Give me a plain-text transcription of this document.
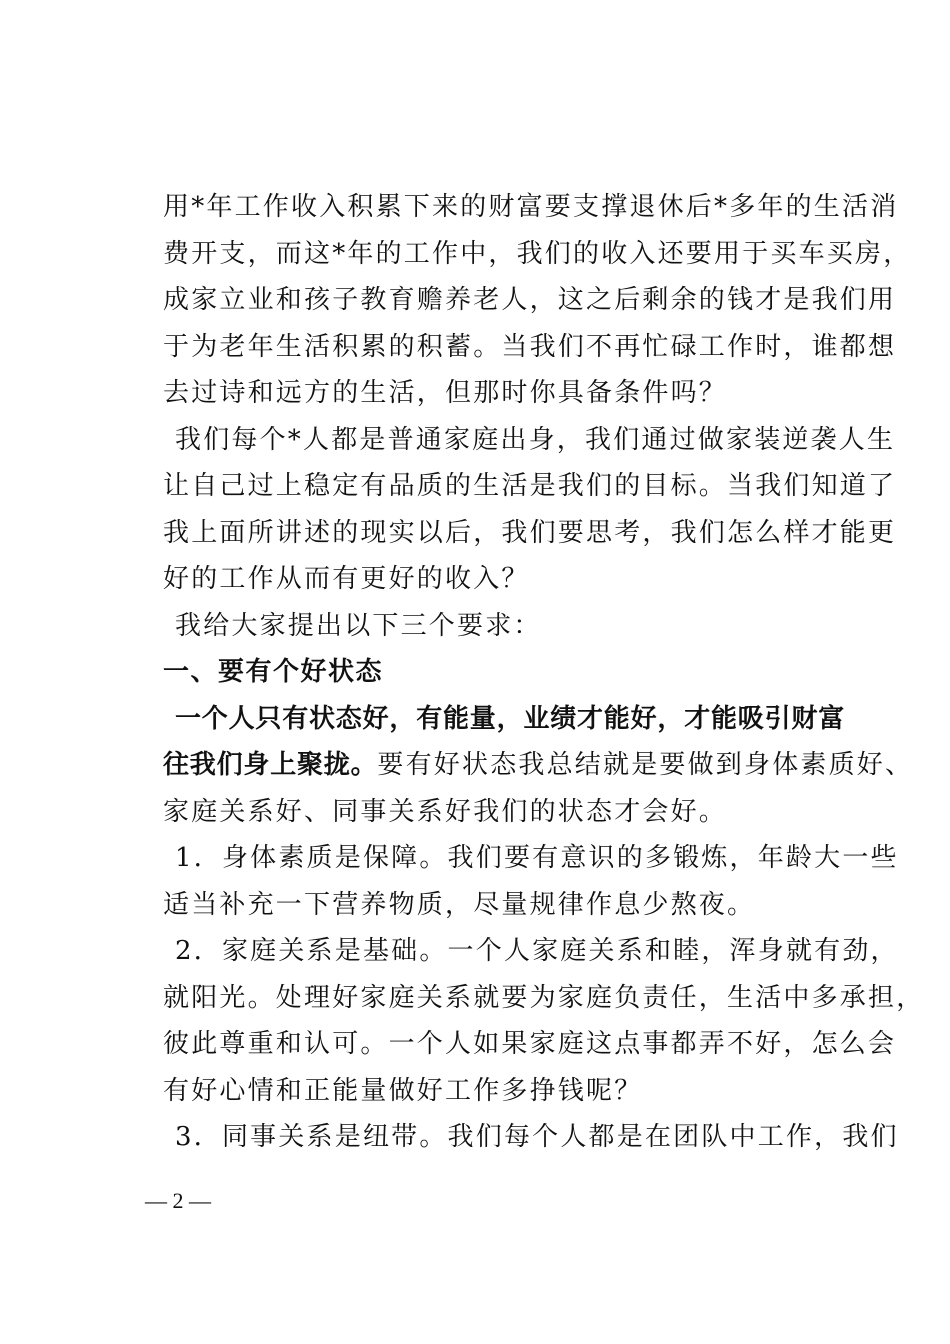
用*年工作收入积累下来的财富要支撑退休后*多年的生活消
费开支，而这*年的工作中，我们的收入还要用于买车买房，
成家立业和孩子教育赡养老人，这之后剩余的钱才是我们用
于为老年生活积累的积蓄。当我们不再忙碌工作时，谁都想
去过诗和远方的生活，但那时你具备条件吗？
我们每个*人都是普通家庭出身，我们通过做家装逆袭人生
让自己过上稳定有品质的生活是我们的目标。当我们知道了
我上面所讲述的现实以后，我们要思考，我们怎么样才能更
好的工作从而有更好的收入？
我给大家提出以下三个要求：
一、要有个好状态
一个人只有状态好，有能量，业绩才能好，才能吸引财富
往我们身上聚拢。要有好状态我总结就是要做到身体素质好、
家庭关系好、同事关系好我们的状态才会好。
1．身体素质是保障。我们要有意识的多锻炼，年龄大一些
适当补充一下营养物质，尽量规律作息少熬夜。
2．家庭关系是基础。一个人家庭关系和睦，浑身就有劲，
就阳光。处理好家庭关系就要为家庭负责任，生活中多承担，
彼此尊重和认可。一个人如果家庭这点事都弄不好，怎么会
有好心情和正能量做好工作多挣钱呢？
3．同事关系是纽带。我们每个人都是在团队中工作，我们
— 2 —
